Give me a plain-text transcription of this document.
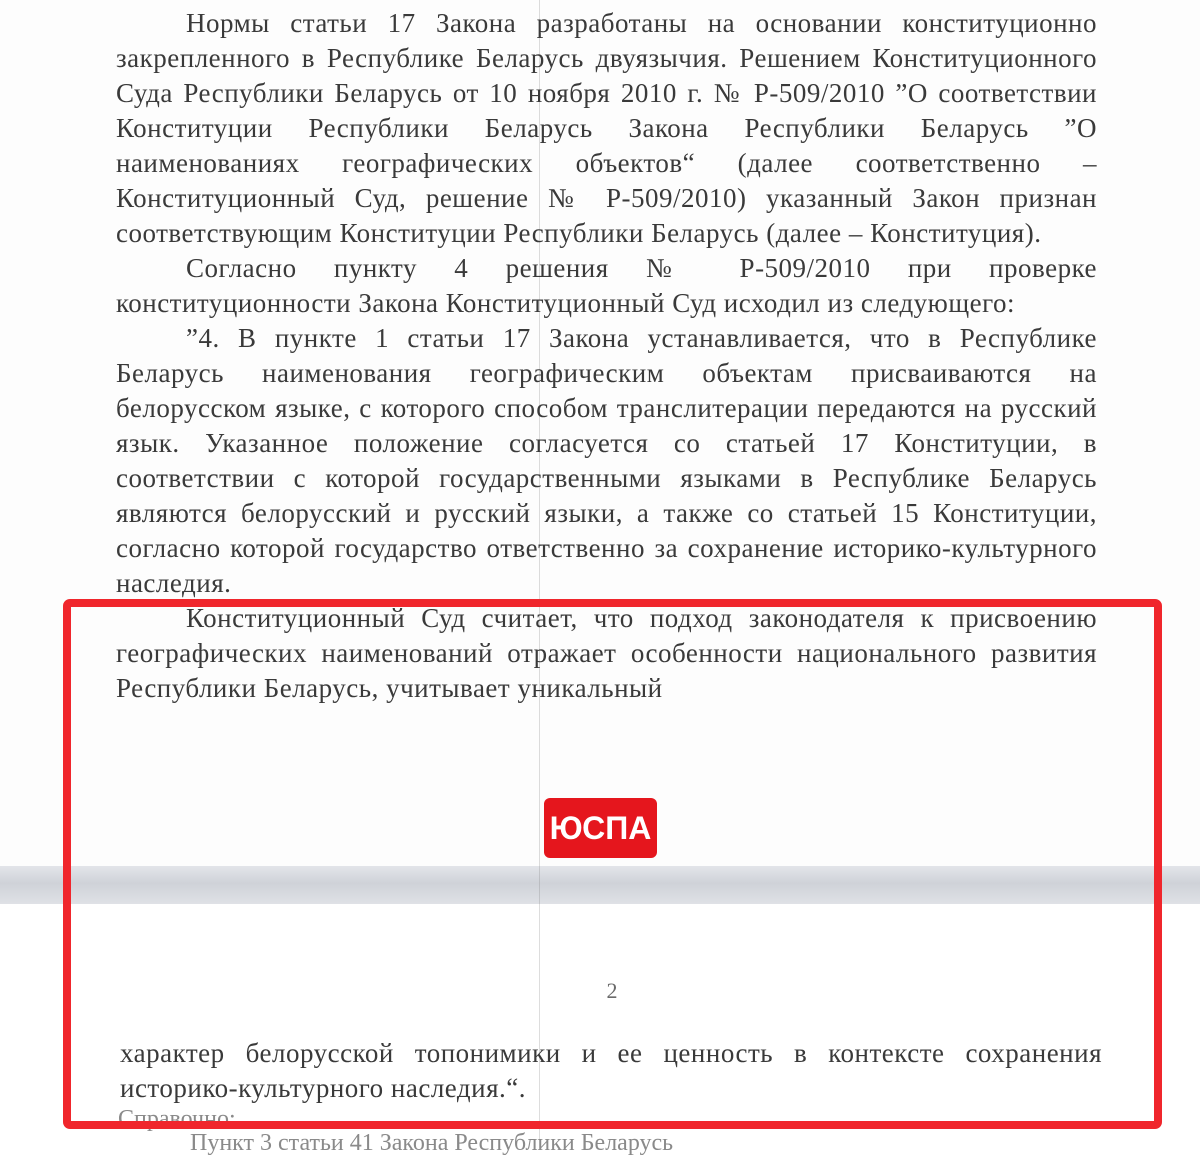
Нормы статьи 17 Закона разработаны на основании конституционно закрепленного в Республике Беларусь двуязычия. Решением Конституционного Суда Республики Беларусь от 10 ноября 2010 г. № Р-509/2010 ”О соответствии Конституции Республики Беларусь Закона Республики Беларусь ”О наименованиях географических объектов“ (далее соответственно – Конституционный Суд, решение № Р-509/2010) указанный Закон признан соответствующим Конституции Республики Беларусь (далее – Конституция).

Согласно пункту 4 решения № Р-509/2010 при проверке конституционности Закона Конституционный Суд исходил из следующего:

”4. В пункте 1 статьи 17 Закона устанавливается, что в Республике Беларусь наименования географическим объектам присваиваются на белорусском языке, с которого способом транслитерации передаются на русский язык. Указанное положение согласуется со статьей 17 Конституции, в соответствии с которой государственными языками в Республике Беларусь являются белорусский и русский языки, а также со статьей 15 Конституции, согласно которой государство ответственно за сохранение историко-культурного наследия.

Конституционный Суд считает, что подход законодателя к присвоению географических наименований отражает особенности национального развития Республики Беларусь, учитывает уникальный

2

характер белорусской топонимики и ее ценность в контексте сохранения историко-культурного наследия.“.

Справочно:
Пункт 3 статьи 41 Закона Республики Беларусь
ЮСПА
